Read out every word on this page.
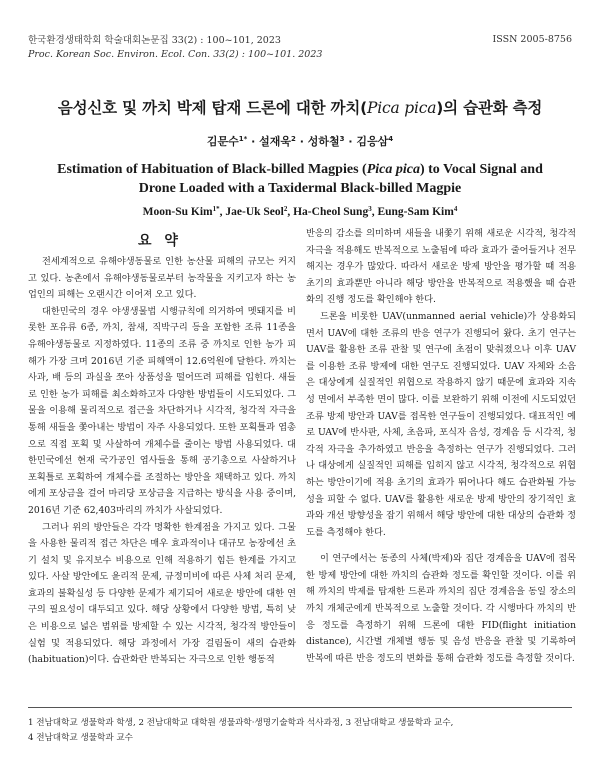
한국환경생태학회 학술대회논문집 33(2) : 100~101, 2023
Proc. Korean Soc. Environ. Ecol. Con. 33(2) : 100~101. 2023
ISSN 2005-8756
음성신호 및 까치 박제 탑재 드론에 대한 까치(Pica pica)의 습관화 측정
김문수$^{1*}$ · 설재욱$^2$ · 성하철$^3$ · 김응삼$^4$
Estimation of Habituation of Black-billed Magpies (Pica pica) to Vocal Signal and Drone Loaded with a Taxidermal Black-billed Magpie
Moon-Su Kim$^{1*}$, Jae-Uk Seol$^2$, Ha-Cheol Sung$^3$, Eung-Sam Kim$^4$
요 약

전세계적으로 유해야생동물로 인한 농산물 피해의 규모는 커지고 있다. 농촌에서 유해야생동물로부터 농작물을 지키고자 하는 농업인의 피해는 오랜시간 이어져 오고 있다.

대한민국의 경우 야생생물법 시행규칙에 의거하여 멧돼지를 비롯한 포유류 6종, 까치, 참새, 직박구리 등을 포함한 조류 11종을 유해야생동물로 지정하였다. 11종의 조류 중 까치로 인한 농가 피해가 가장 크며 2016년 기준 피해액이 12.6억원에 달한다. 까치는 사과, 배 등의 과실을 쪼아 상품성을 떨어뜨려 피해를 입힌다. 새들로 인한 농가 피해를 최소화하고자 다양한 방법들이 시도되었다. 그물을 이용해 물리적으로 접근을 차단하거나 시각적, 청각적 자극을 통해 새들을 쫓아내는 방법이 자주 사용되었다. 또한 포획틀과 엽총으로 직접 포획 및 사살하여 개체수를 줄이는 방법 사용되었다. 대한민국에선 현재 국가공인 엽사들을 통해 공기총으로 사살하거나 포획틀로 포획하여 개체수를 조절하는 방안을 채택하고 있다. 까치에게 포상금을 걸어 마리당 포상금을 지급하는 방식을 사용 중이며, 2016년 기준 62,403마리의 까치가 사살되었다.

그러나 위의 방안들은 각각 명확한 한계점을 가지고 있다. 그물을 사용한 물리적 접근 차단은 매우 효과적이나 대규모 농장에선 초기 설치 및 유지보수 비용으로 인해 적용하기 힘든 한계를 가지고 있다. 사살 방안에도 윤리적 문제, 규정미비에 따른 사체 처리 문제, 효과의 불확실성 등 다양한 문제가 제기되어 새로운 방안에 대한 연구의 필요성이 대두되고 있다. 해당 상황에서 다양한 방법, 특히 낮은 비용으로 넓은 범위를 방제할 수 있는 시각적, 청각적 방안들이 실험 및 적용되었다. 해당 과정에서 가장 걸림돌이 새의 습관화(habituation)이다. 습관화란 반복되는 자극으로 인한 행동적

반응의 감소를 의미하며 새들을 내쫓기 위해 새로운 시각적, 청각적 자극을 적용해도 반복적으로 노출됨에 따라 효과가 줄어들거나 전무해지는 경우가 많았다. 따라서 새로운 방제 방안을 평가할 때 적용 초기의 효과뿐만 아니라 해당 방안을 반복적으로 적용했을 때 습관화의 진행 정도를 확인해야 한다.

드론을 비롯한 UAV(unmanned aerial vehicle)가 상용화되면서 UAV에 대한 조류의 반응 연구가 진행되어 왔다. 초기 연구는 UAV를 활용한 조류 관찰 및 연구에 초점이 맞춰졌으나 이후 UAV를 이용한 조류 방제에 대한 연구도 진행되었다. UAV 자체와 소음은 대상에게 실질적인 위협으로 작용하지 않기 때문에 효과와 지속성 면에서 부족한 면이 많다. 이를 보완하기 위해 이전에 시도되었던 조류 방제 방안과 UAV를 접목한 연구들이 진행되었다. 대표적인 예로 UAV에 반사판, 사체, 초음파, 포식자 음성, 경계음 등 시각적, 청각적 자극을 추가하였고 반응을 측정하는 연구가 진행되었다. 그러나 대상에게 실질적인 피해를 입히지 않고 시각적, 청각적으로 위협하는 방안이기에 적용 초기의 효과가 뛰어나다 해도 습관화될 가능성을 피할 수 없다. UAV를 활용한 새로운 방제 방안의 장기적인 효과와 개선 방향성을 잡기 위해서 해당 방안에 대한 대상의 습관화 정도를 측정해야 한다.

이 연구에서는 동종의 사체(박제)와 집단 경계음을 UAV에 접목한 방제 방안에 대한 까치의 습관화 정도를 확인할 것이다. 이를 위해 까치의 박제를 탑재한 드론과 까치의 집단 경계음을 동일 장소의 까치 개체군에게 반복적으로 노출할 것이다. 각 시행마다 까치의 반응 정도를 측정하기 위해 드론에 대한 FID(flight initiation distance), 시간별 개체별 행동 및 음성 반응을 관찰 및 기록하여 반복에 따른 반응 정도의 변화를 통해 습관화 정도를 측정할 것이다.

1 전남대학교 생물학과 학생, 2 전남대학교 대학원 생물과학·생명기술학과 석사과정, 3 전남대학교 생물학과 교수,
4 전남대학교 생물학과 교수
